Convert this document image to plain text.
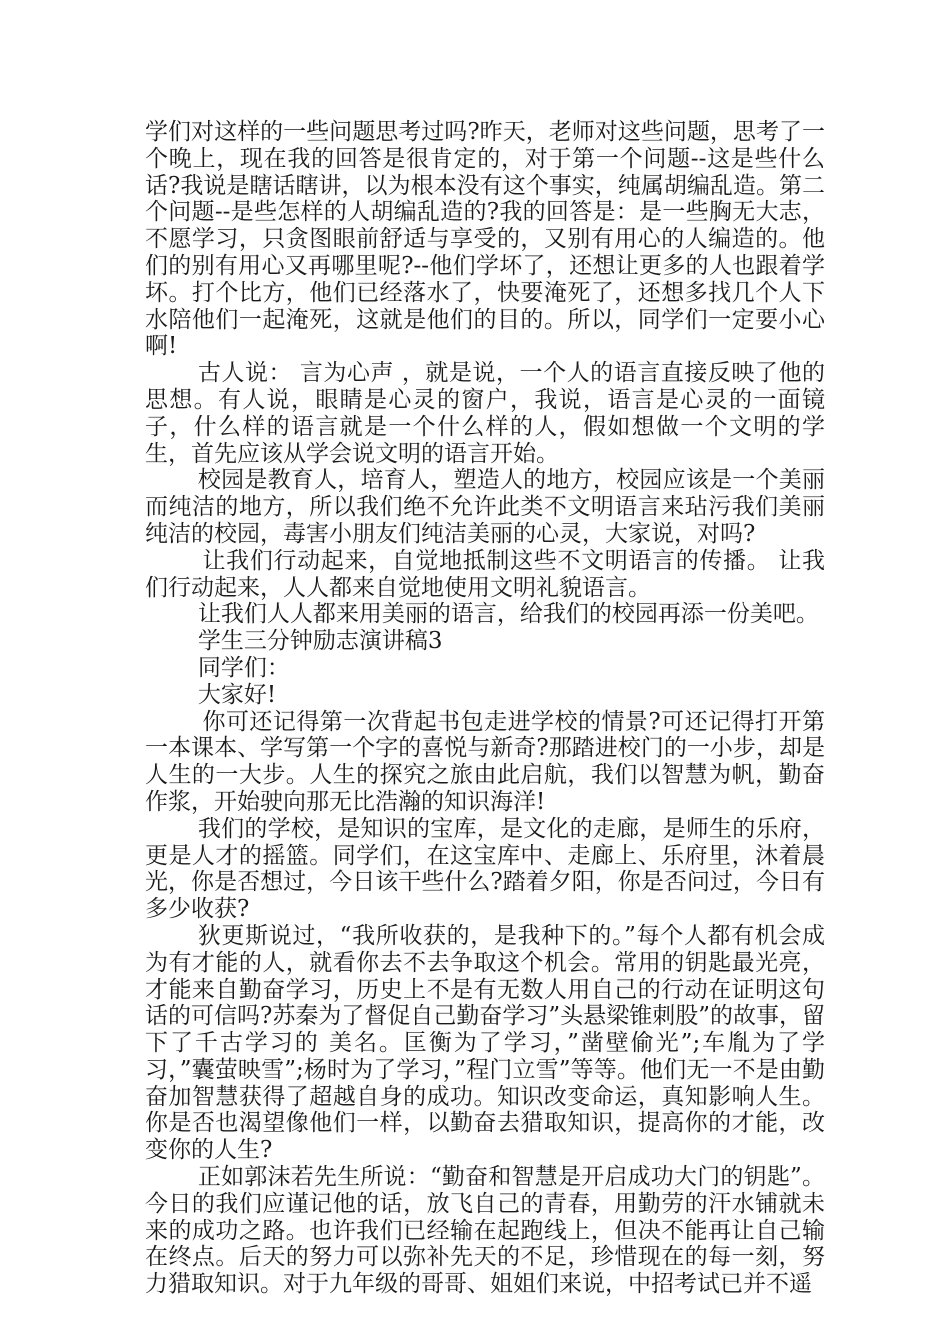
学们对这样的一些问题思考过吗?昨天，老师对这些问题，思考了一个晚上，现在我的回答是很肯定的，对于第一个问题--这是些什么话?我说是瞎话瞎讲，以为根本没有这个事实，纯属胡编乱造。第二个问题--是些怎样的人胡编乱造的?我的回答是：是一些胸无大志，不愿学习，只贪图眼前舒适与享受的，又别有用心的人编造的。他们的别有用心又再哪里呢?--他们学坏了，还想让更多的人也跟着学坏。打个比方，他们已经落水了，快要淹死了，还想多找几个人下水陪他们一起淹死，这就是他们的目的。所以，同学们一定要小心啊!

古人说： 言为心声 ，就是说，一个人的语言直接反映了他的思想。有人说，眼睛是心灵的窗户，我说，语言是心灵的一面镜子，什么样的语言就是一个什么样的人，假如想做一个文明的学生，首先应该从学会说文明的语言开始。

校园是教育人，培育人，塑造人的地方，校园应该是一个美丽而纯洁的地方，所以我们绝不允许此类不文明语言来玷污我们美丽纯洁的校园，毒害小朋友们纯洁美丽的心灵，大家说，对吗?

让我们行动起来，自觉地抵制这些不文明语言的传播。 让我们行动起来，人人都来自觉地使用文明礼貌语言。

让我们人人都来用美丽的语言，给我们的校园再添一份美吧。

学生三分钟励志演讲稿3

同学们：

大家好!

你可还记得第一次背起书包走进学校的情景?可还记得打开第一本课本、学写第一个字的喜悦与新奇?那踏进校门的一小步，却是人生的一大步。人生的探究之旅由此启航，我们以智慧为帆，勤奋作浆，开始驶向那无比浩瀚的知识海洋!

我们的学校，是知识的宝库，是文化的走廊，是师生的乐府，更是人才的摇篮。同学们，在这宝库中、走廊上、乐府里，沐着晨光，你是否想过，今日该干些什么?踏着夕阳，你是否问过，今日有多少收获?

狄更斯说过，“我所收获的，是我种下的。”每个人都有机会成为有才能的人，就看你去不去争取这个机会。常用的钥匙最光亮，才能来自勤奋学习，历史上不是有无数人用自己的行动在证明这句话的可信吗?苏秦为了督促自己勤奋学习”头悬梁锥刺股”的故事，留下了千古学习的 美名。匡衡为了学习，”凿壁偷光”;车胤为了学习，”囊萤映雪”;杨时为了学习，”程门立雪”等等。他们无一不是由勤奋加智慧获得了超越自身的成功。知识改变命运，真知影响人生。你是否也渴望像他们一样，以勤奋去猎取知识，提高你的才能，改变你的人生?

正如郭沫若先生所说：“勤奋和智慧是开启成功大门的钥匙”。今日的我们应谨记他的话，放飞自己的青春，用勤劳的汗水铺就未来的成功之路。也许我们已经输在起跑线上，但决不能再让自己输在终点。后天的努力可以弥补先天的不足，珍惜现在的每一刻，努力猎取知识。对于九年级的哥哥、姐姐们来说，中招考试已并不遥
